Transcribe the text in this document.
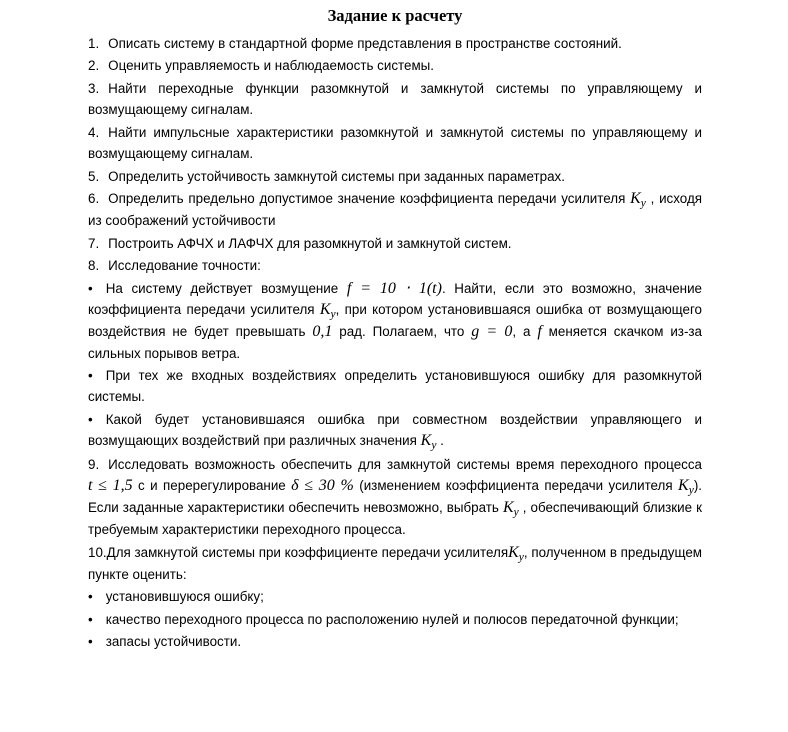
Задание к расчету

1. Описать систему в стандартной форме представления в пространстве состояний.

2. Оценить управляемость и наблюдаемость системы.

3. Найти переходные функции разомкнутой и замкнутой системы по управляющему и возмущающему сигналам.

4. Найти импульсные характеристики разомкнутой и замкнутой системы по управляющему и возмущающему сигналам.

5. Определить устойчивость замкнутой системы при заданных параметрах.

6. Определить предельно допустимое значение коэффициента передачи усилителя Kу , исходя из соображений устойчивости

7. Построить АФЧХ и ЛАФЧХ для разомкнутой и замкнутой систем.

8. Исследование точности:

• На систему действует возмущение f = 10 ⋅ 1(t). Найти, если это возможно, значение коэффициента передачи усилителя Kу, при котором установившаяся ошибка от возмущающего воздействия не будет превышать 0,1 рад. Полагаем, что g = 0, а f меняется скачком из-за сильных порывов ветра.

• При тех же входных воздействиях определить установившуюся ошибку для разомкнутой системы.

• Какой будет установившаяся ошибка при совместном воздействии управляющего и возмущающих воздействий при различных значения Kу .

9. Исследовать возможность обеспечить для замкнутой системы время переходного процесса t ≤ 1,5 с и перерегулирование δ ≤ 30 % (изменением коэффициента передачи усилителя Kу). Если заданные характеристики обеспечить невозможно, выбрать Kу , обеспечивающий близкие к требуемым характеристики переходного процесса.

10.Для замкнутой системы при коэффициенте передачи усилителяKу, полученном в предыдущем пункте оценить:

• установившуюся ошибку;

• качество переходного процесса по расположению нулей и полюсов передаточной функции;

• запасы устойчивости.
